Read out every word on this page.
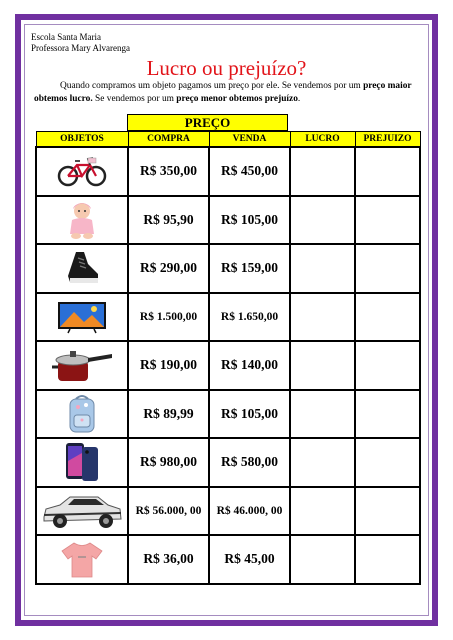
Escola Santa Maria
Professora Mary Alvarenga
Lucro ou prejuízo?
Quando compramos um objeto pagamos um preço por ele. Se vendemos por um preço maior obtemos lucro. Se vendemos por um preço menor obtemos prejuízo.
PREÇO
OBJETOS	COMPRA	VENDA	LUCRO	PREJUIZO
	R$ 350,00	R$ 450,00		
	R$ 95,90	R$ 105,00		
	R$ 290,00	R$ 159,00		
	R$ 1.500,00	R$ 1.650,00		
	R$ 190,00	R$ 140,00		
	R$ 89,99	R$ 105,00		
	R$ 980,00	R$ 580,00		
	R$ 56.000, 00	R$ 46.000, 00		
	R$ 36,00	R$ 45,00		
